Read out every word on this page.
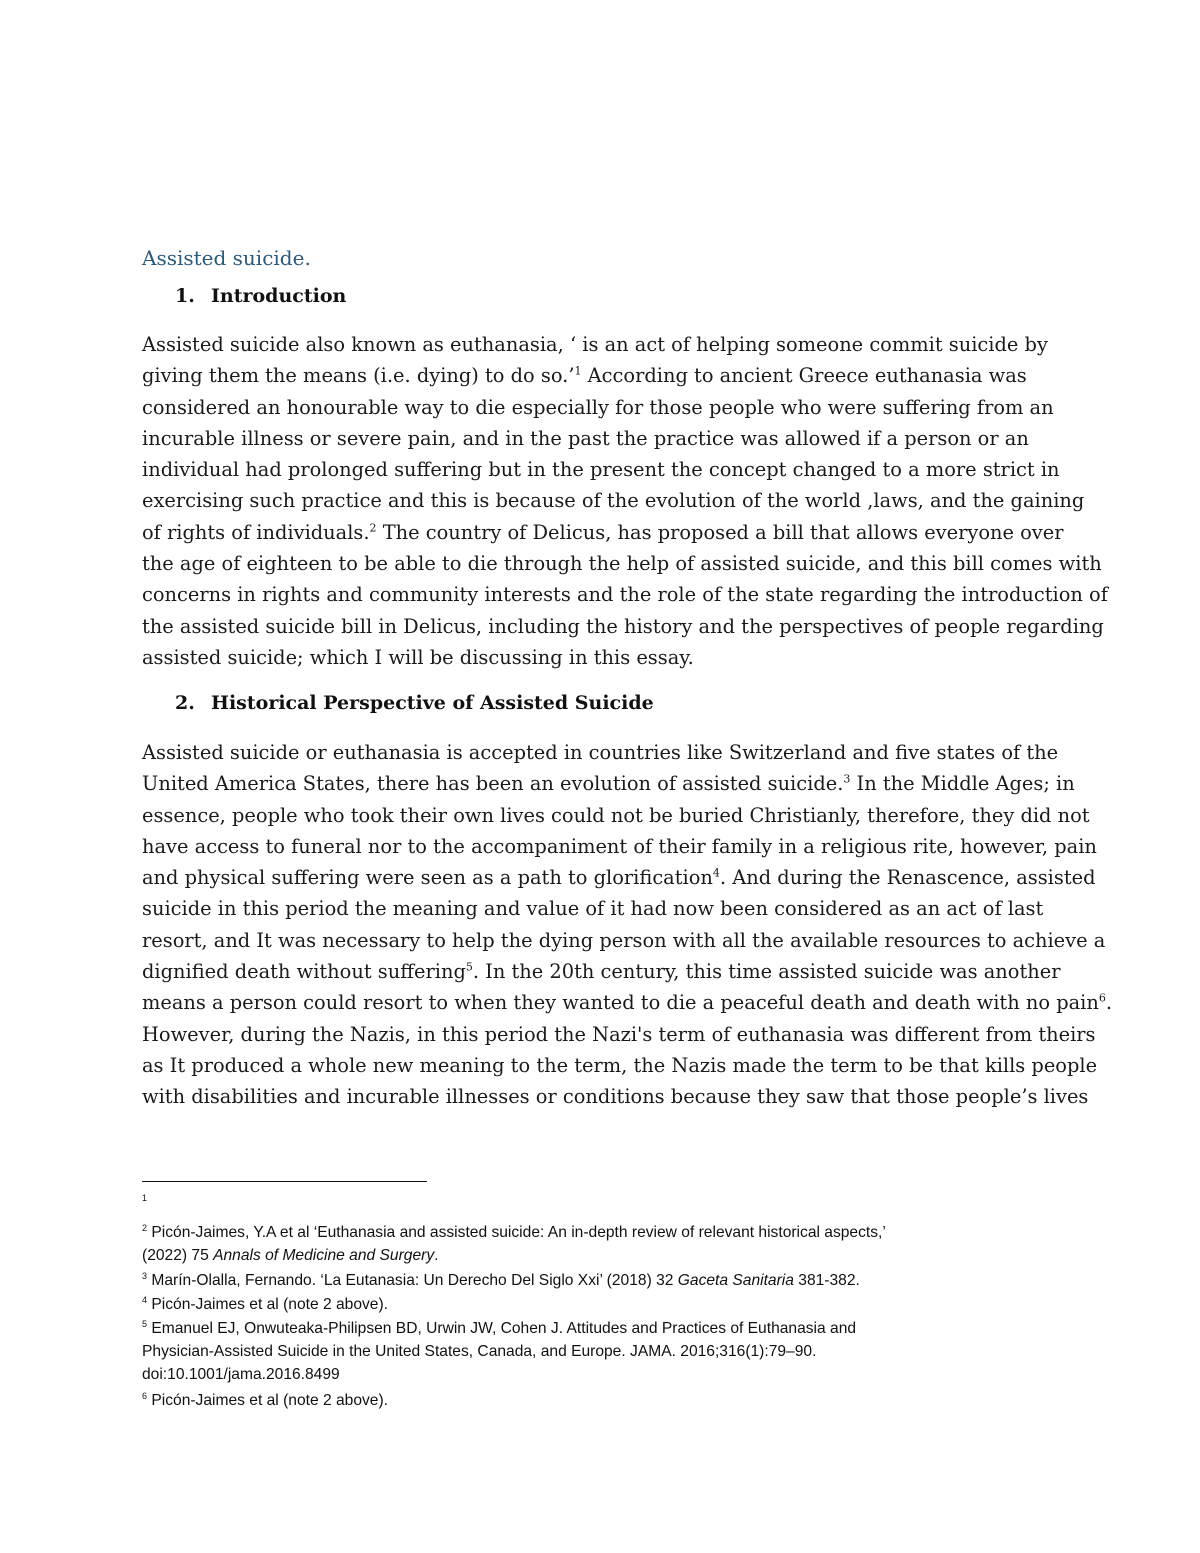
Assisted suicide.
1. Introduction
Assisted suicide also known as euthanasia, ‘ is an act of helping someone commit suicide by
giving them the means (i.e. dying) to do so.’$^1$ According to ancient Greece euthanasia was
considered an honourable way to die especially for those people who were suffering from an
incurable illness or severe pain, and in the past the practice was allowed if a person or an
individual had prolonged suffering but in the present the concept changed to a more strict in
exercising such practice and this is because of the evolution of the world ,laws, and the gaining
of rights of individuals.$^2$ The country of Delicus, has proposed a bill that allows everyone over
the age of eighteen to be able to die through the help of assisted suicide, and this bill comes with
concerns in rights and community interests and the role of the state regarding the introduction of
the assisted suicide bill in Delicus, including the history and the perspectives of people regarding
assisted suicide; which I will be discussing in this essay.
2. Historical Perspective of Assisted Suicide
Assisted suicide or euthanasia is accepted in countries like Switzerland and five states of the
United America States, there has been an evolution of assisted suicide.$^3$ In the Middle Ages; in
essence, people who took their own lives could not be buried Christianly, therefore, they did not
have access to funeral nor to the accompaniment of their family in a religious rite, however, pain
and physical suffering were seen as a path to glorification$^4$. And during the Renascence, assisted
suicide in this period the meaning and value of it had now been considered as an act of last
resort, and It was necessary to help the dying person with all the available resources to achieve a
dignified death without suffering$^5$. In the 20th century, this time assisted suicide was another
means a person could resort to when they wanted to die a peaceful death and death with no pain$^6$.
However, during the Nazis, in this period the Nazi's term of euthanasia was different from theirs
as It produced a whole new meaning to the term, the Nazis made the term to be that kills people
with disabilities and incurable illnesses or conditions because they saw that those people’s lives
$^1$
$^2$ Picón-Jaimes, Y.A et al ‘Euthanasia and assisted suicide: An in-depth review of relevant historical aspects,’
(2022) 75 Annals of Medicine and Surgery.
$^3$ Marín-Olalla, Fernando. ‘La Eutanasia: Un Derecho Del Siglo Xxi’ (2018) 32 Gaceta Sanitaria 381-382.
$^4$ Picón-Jaimes et al (note 2 above).
$^5$ Emanuel EJ, Onwuteaka-Philipsen BD, Urwin JW, Cohen J. Attitudes and Practices of Euthanasia and
Physician-Assisted Suicide in the United States, Canada, and Europe. JAMA. 2016;316(1):79–90.
doi:10.1001/jama.2016.8499
$^6$ Picón-Jaimes et al (note 2 above).
